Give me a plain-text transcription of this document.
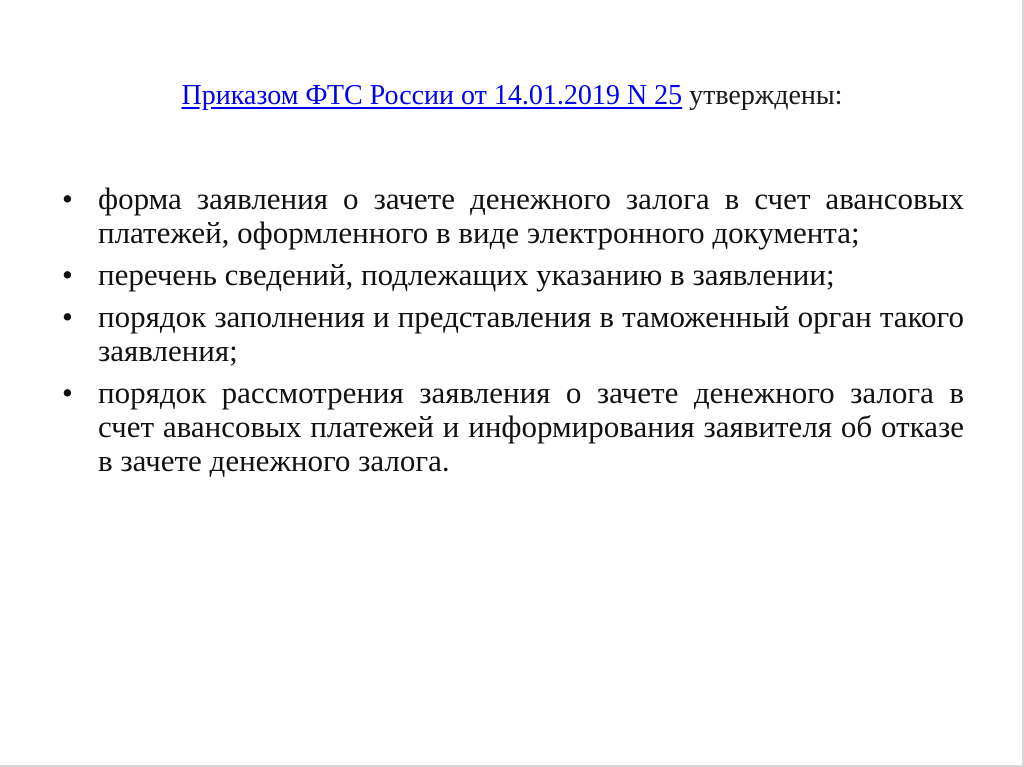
Приказом ФТС России от 14.01.2019 N 25 утверждены:
• форма заявления о зачете денежного залога в счет авансовых платежей, оформленного в виде электронного документа;
• перечень сведений, подлежащих указанию в заявлении;
• порядок заполнения и представления в таможенный орган такого заявления;
• порядок рассмотрения заявления о зачете денежного залога в счет авансовых платежей и информирования заявителя об отказе в зачете денежного залога.
